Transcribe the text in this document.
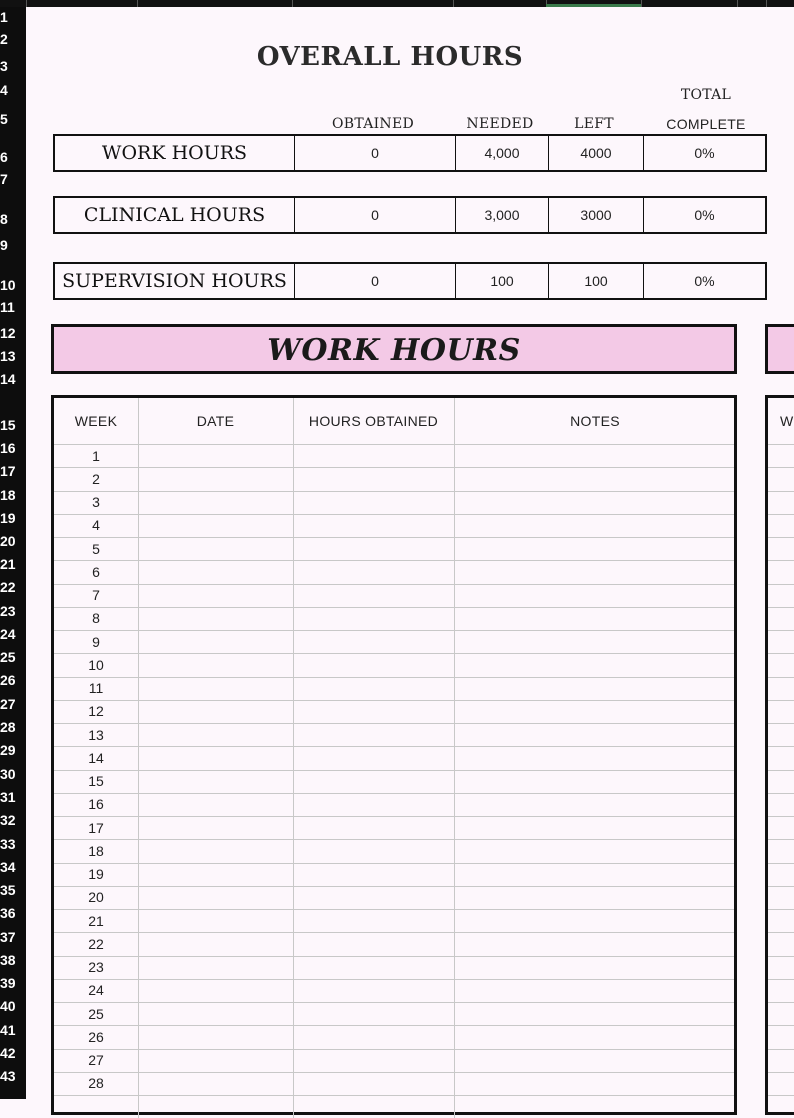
1
2
3
4
5
6
7
8
9
10
11
12
13
14
15
16
17
18
19
20
21
22
23
24
25
26
27
28
29
30
31
32
33
34
35
36
37
38
39
40
41
42
43
OVERALL HOURS
TOTAL
OBTAINED	NEEDED	LEFT	COMPLETE
WORK HOURS	0	4,000	4000	0%
CLINICAL HOURS	0	3,000	3000	0%
SUPERVISION HOURS	0	100	100	0%
WORK HOURS
WEEK	DATE	HOURS OBTAINED	NOTES
1
2
3
4
5
6
7
8
9
10
11
12
13
14
15
16
17
18
19
20
21
22
23
24
25
26
27
28
W
